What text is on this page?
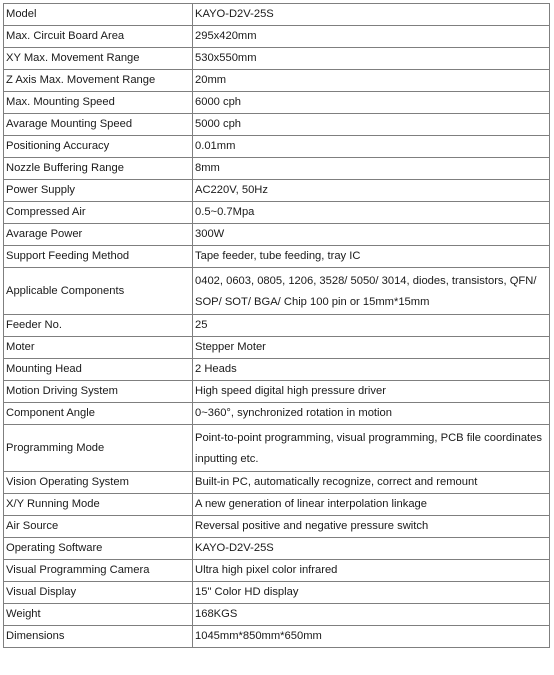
Model	KAYO-D2V-25S
Max. Circuit Board Area	295x420mm
XY Max. Movement Range	530x550mm
Z Axis Max. Movement Range	20mm
Max. Mounting Speed	6000 cph
Avarage Mounting Speed	5000 cph
Positioning Accuracy	0.01mm
Nozzle Buffering Range	8mm
Power Supply	AC220V, 50Hz
Compressed Air	0.5~0.7Mpa
Avarage Power	300W
Support Feeding Method	Tape feeder, tube feeding, tray IC
Applicable Components	0402, 0603, 0805, 1206, 3528/ 5050/ 3014, diodes, transistors, QFN/ SOP/ SOT/ BGA/ Chip 100 pin or 15mm*15mm
Feeder No.	25
Moter	Stepper Moter
Mounting Head	2 Heads
Motion Driving System	High speed digital high pressure driver
Component Angle	0~360°, synchronized rotation in motion
Programming Mode	Point-to-point programming, visual programming, PCB file coordinates inputting etc.
Vision Operating System	Built-in PC, automatically recognize, correct and remount
X/Y Running Mode	A new generation of linear interpolation linkage
Air Source	Reversal positive and negative pressure switch
Operating Software	KAYO-D2V-25S
Visual Programming Camera	Ultra high pixel color infrared
Visual Display	15" Color HD display
Weight	168KGS
Dimensions	1045mm*850mm*650mm
